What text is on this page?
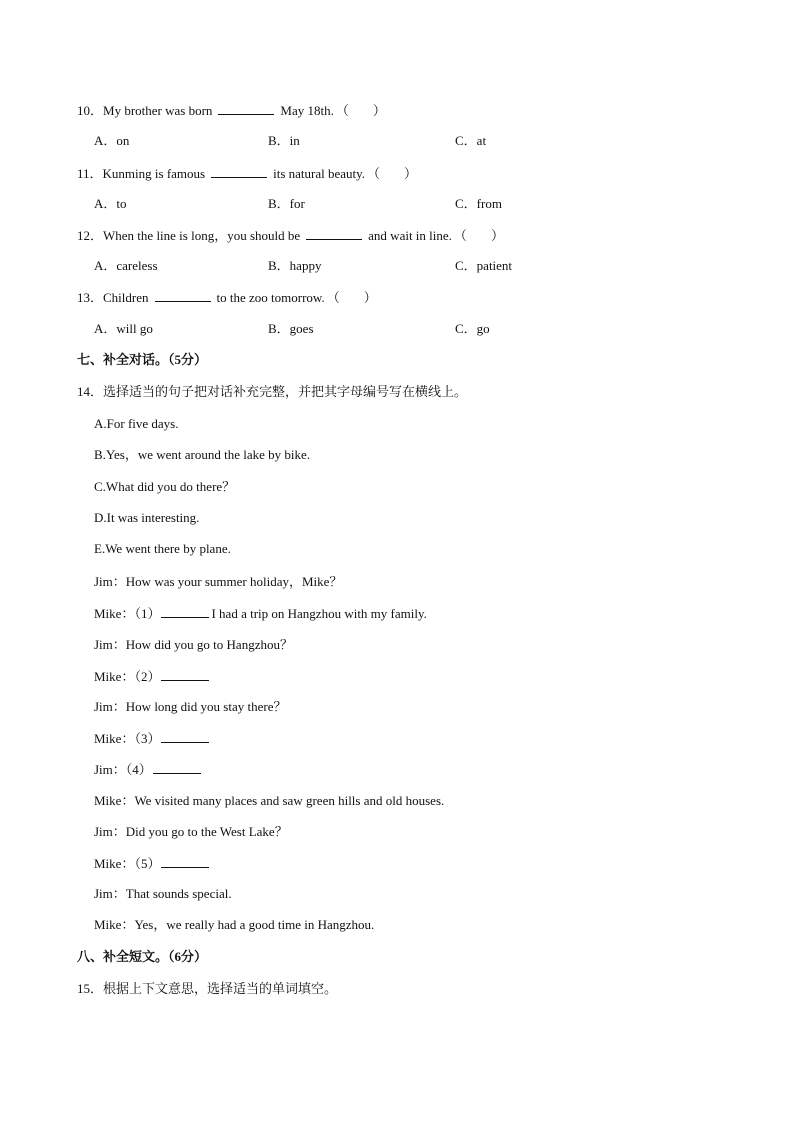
10．My brother was born	May 18th. （ ）
A．on	B．in	C．at
11．Kunming is famous	its natural beauty. （ ）
A．to	B．for	C．from
12．When the line is long，you should be	and wait in line. （ ）
A．careless	B．happy	C．patient
13．Children	to the zoo tomorrow. （ ）
A．will go	B．goes	C．go
七、补全对话。（5分）
14．选择适当的句子把对话补充完整，并把其字母编号写在横线上。
A.For five days.
B.Yes，we went around the lake by bike.
C.What did you do there？
D.It was interesting.
E.We went there by plane.
Jim：How was your summer holiday，Mike？
Mike：（1）	I had a trip on Hangzhou with my family.
Jim：How did you go to Hangzhou？
Mike：（2）
Jim：How long did you stay there？
Mike：（3）
Jim：（4）
Mike：We visited many places and saw green hills and old houses.
Jim：Did you go to the West Lake？
Mike：（5）
Jim：That sounds special.
Mike：Yes，we really had a good time in Hangzhou.
八、补全短文。（6分）
15．根据上下文意思，选择适当的单词填空。
